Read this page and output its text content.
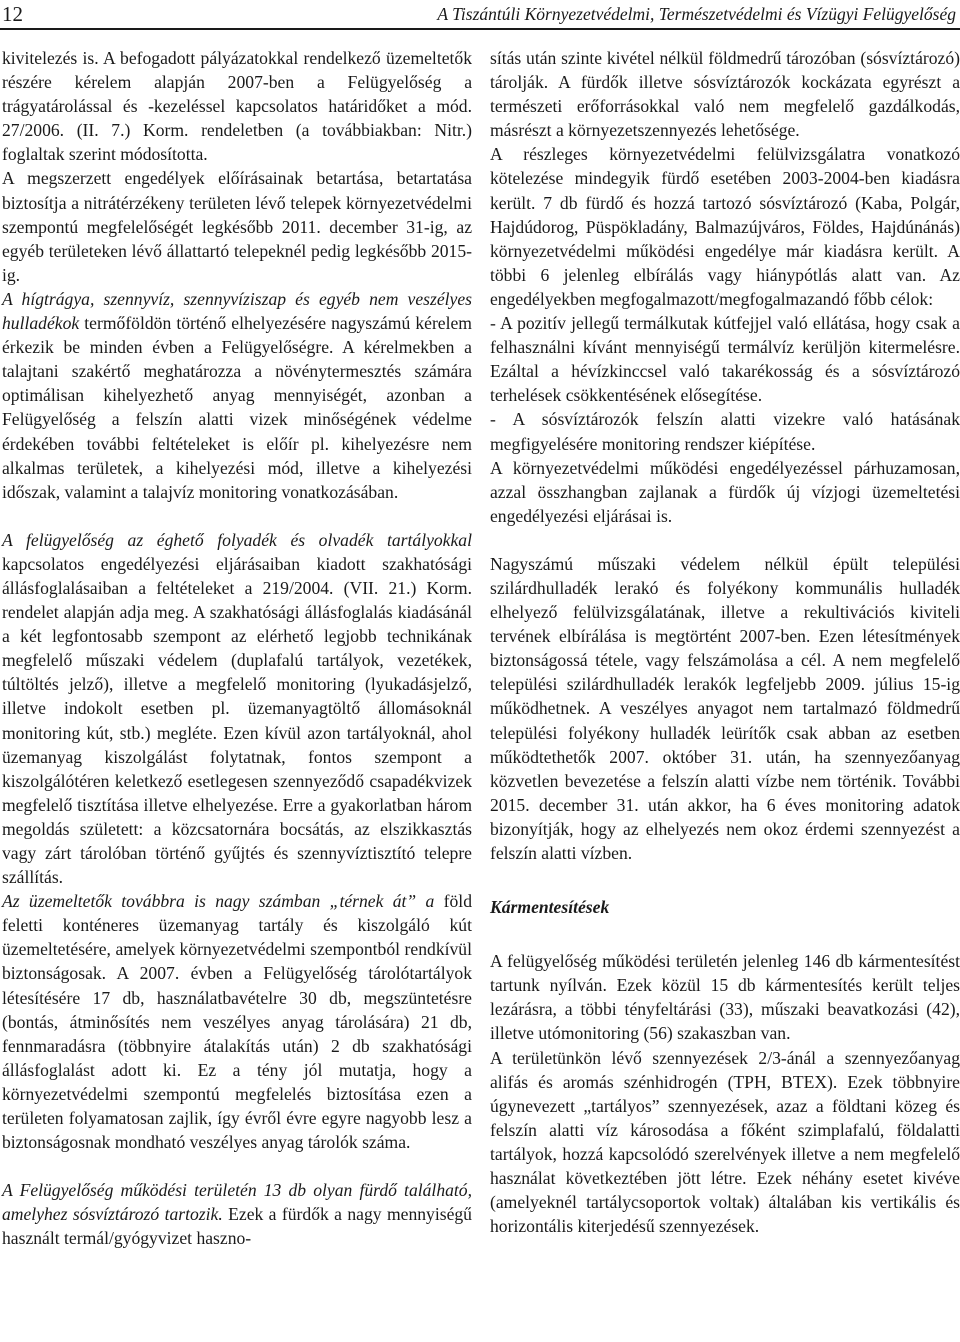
12	A Tiszántúli Környezetvédelmi, Természetvédelmi és Vízügyi Felügyelőség

kivitelezés is. A befogadott pályázatokkal rendelkező üzemeltetők részére kérelem alapján 2007-ben a Felügyelőség a trágyatárolással és -kezeléssel kapcsolatos határidőket a mód. 27/2006. (II. 7.) Korm. rendeletben (a továbbiakban: Nitr.) foglaltak szerint módosította.

A megszerzett engedélyek előírásainak betartása, betartatása biztosítja a nitrátérzékeny területen lévő telepek környezetvédelmi szempontú megfelelőségét legkésőbb 2011. december 31-ig, az egyéb területeken lévő állattartó telepeknél pedig legkésőbb 2015-ig.

A hígtrágya, szennyvíz, szennyvíziszap és egyéb nem veszélyes hulladékok termőföldön történő elhelyezésére nagyszámú kérelem érkezik be minden évben a Felügyelőségre. A kérelmekben a talajtani szakértő meghatározza a növénytermesztés számára optimálisan kihelyezhető anyag mennyiségét, azonban a Felügyelőség a felszín alatti vizek minőségének védelme érdekében további feltételeket is előír pl. kihelyezésre nem alkalmas területek, a kihelyezési mód, illetve a kihelyezési időszak, valamint a talajvíz monitoring vonatkozásában.

A felügyelőség az éghető folyadék és olvadék tartályokkal kapcsolatos engedélyezési eljárásaiban kiadott szakhatósági állásfoglalásaiban a feltételeket a 219/2004. (VII. 21.) Korm. rendelet alapján adja meg. A szakhatósági állásfoglalás kiadásánál a két legfontosabb szempont az elérhető legjobb technikának megfelelő műszaki védelem (duplafalú tartályok, vezetékek, túltöltés jelző), illetve a megfelelő monitoring (lyukadásjelző, illetve indokolt esetben pl. üzemanyagtöltő állomásoknál monitoring kút, stb.) megléte. Ezen kívül azon tartályoknál, ahol üzemanyag kiszolgálást folytatnak, fontos szempont a kiszolgálótéren keletkező esetlegesen szennyeződő csapadékvizek megfelelő tisztítása illetve elhelyezése. Erre a gyakorlatban három megoldás született: a közcsatornára bocsátás, az elszikkasztás vagy zárt tárolóban történő gyűjtés és szennyvíztisztító telepre szállítás.

Az üzemeltetők továbbra is nagy számban „térnek át” a föld feletti konténeres üzemanyag tartály és kiszolgáló kút üzemeltetésére, amelyek környezetvédelmi szempontból rendkívül biztonságosak. A 2007. évben a Felügyelőség tárolótartályok létesítésére 17 db, használatbavételre 30 db, megszüntetésre (bontás, átminősítés nem veszélyes anyag tárolására) 21 db, fennmaradásra (többnyire átalakítás után) 2 db szakhatósági állásfoglalást adott ki. Ez a tény jól mutatja, hogy a környezetvédelmi szempontú megfelelés biztosítása ezen a területen folyamatosan zajlik, így évről évre egyre nagyobb lesz a biztonságosnak mondható veszélyes anyag tárolók száma.

A Felügyelőség működési területén 13 db olyan fürdő található, amelyhez sósvíztározó tartozik. Ezek a fürdők a nagy mennyiségű használt termál/gyógyvizet haszno-

sítás után szinte kivétel nélkül földmedrű tározóban (sósvíztározó) tárolják. A fürdők illetve sósvíztározók kockázata egyrészt a természeti erőforrásokkal való nem megfelelő gazdálkodás, másrészt a környezetszennyezés lehetősége.

A részleges környezetvédelmi felülvizsgálatra vonatkozó kötelezése mindegyik fürdő esetében 2003-2004-ben kiadásra került. 7 db fürdő és hozzá tartozó sósvíztározó (Kaba, Polgár, Hajdúdorog, Püspökladány, Balmazújváros, Földes, Hajdúnánás) környezetvédelmi működési engedélye már kiadásra került. A többi 6 jelenleg elbírálás vagy hiánypótlás alatt van. Az engedélyekben megfogalmazott/megfogalmazandó főbb célok:

- A pozitív jellegű termálkutak kútfejjel való ellátása, hogy csak a felhasználni kívánt mennyiségű termálvíz kerüljön kitermelésre. Ezáltal a hévízkinccsel való takarékosság és a sósvíztározó terhelések csökkentésének elősegítése.

- A sósvíztározók felszín alatti vizekre való hatásának megfigyelésére monitoring rendszer kiépítése.

A környezetvédelmi működési engedélyezéssel párhuzamosan, azzal összhangban zajlanak a fürdők új vízjogi üzemeltetési engedélyezési eljárásai is.

Nagyszámú műszaki védelem nélkül épült települési szilárdhulladék lerakó és folyékony kommunális hulladék elhelyező felülvizsgálatának, illetve a rekultivációs kiviteli tervének elbírálása is megtörtént 2007-ben. Ezen létesítmények biztonságossá tétele, vagy felszámolása a cél. A nem megfelelő települési szilárdhulladék lerakók legfeljebb 2009. július 15-ig működhetnek. A veszélyes anyagot nem tartalmazó földmedrű települési folyékony hulladék leürítők csak abban az esetben működtethetők 2007. október 31. után, ha szennyezőanyag közvetlen bevezetése a felszín alatti vízbe nem történik. További 2015. december 31. után akkor, ha 6 éves monitoring adatok bizonyítják, hogy az elhelyezés nem okoz érdemi szennyezést a felszín alatti vízben.

Kármentesítések

A felügyelőség működési területén jelenleg 146 db kármentesítést tartunk nyílván. Ezek közül 15 db kármentesítés került teljes lezárásra, a többi tényfeltárási (33), műszaki beavatkozási (42), illetve utómonitoring (56) szakaszban van.

A területünkön lévő szennyezések 2/3-ánál a szennyezőanyag alifás és aromás szénhidrogén (TPH, BTEX). Ezek többnyire úgynevezett „tartályos” szennyezések, azaz a földtani közeg és felszín alatti víz károsodása a főként szimplafalú, földalatti tartályok, hozzá kapcsolódó szerelvények illetve a nem megfelelő használat következtében jött létre. Ezek néhány esetet kivéve (amelyeknél tartálycsoportok voltak) általában kis vertikális és horizontális kiterjedésű szennyezések.
